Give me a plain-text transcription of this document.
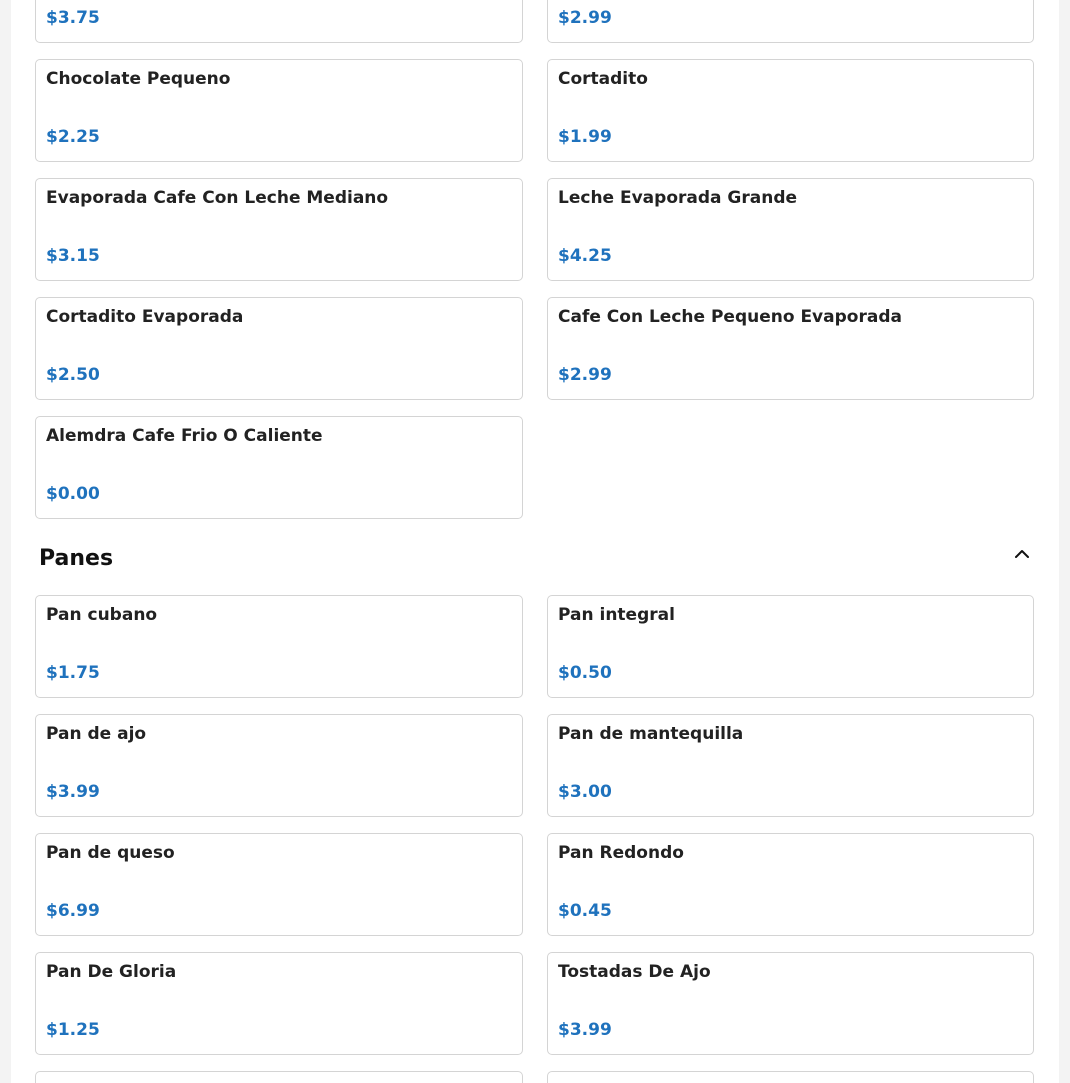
$3.75	$2.99
Chocolate Pequeno
$2.25
Cortadito
$1.99
Evaporada Cafe Con Leche Mediano
$3.15
Leche Evaporada Grande
$4.25
Cortadito Evaporada
$2.50
Cafe Con Leche Pequeno Evaporada
$2.99
Alemdra Cafe Frio O Caliente
$0.00
Panes
Pan cubano
$1.75
Pan integral
$0.50
Pan de ajo
$3.99
Pan de mantequilla
$3.00
Pan de queso
$6.99
Pan Redondo
$0.45
Pan De Gloria
$1.25
Tostadas De Ajo
$3.99
